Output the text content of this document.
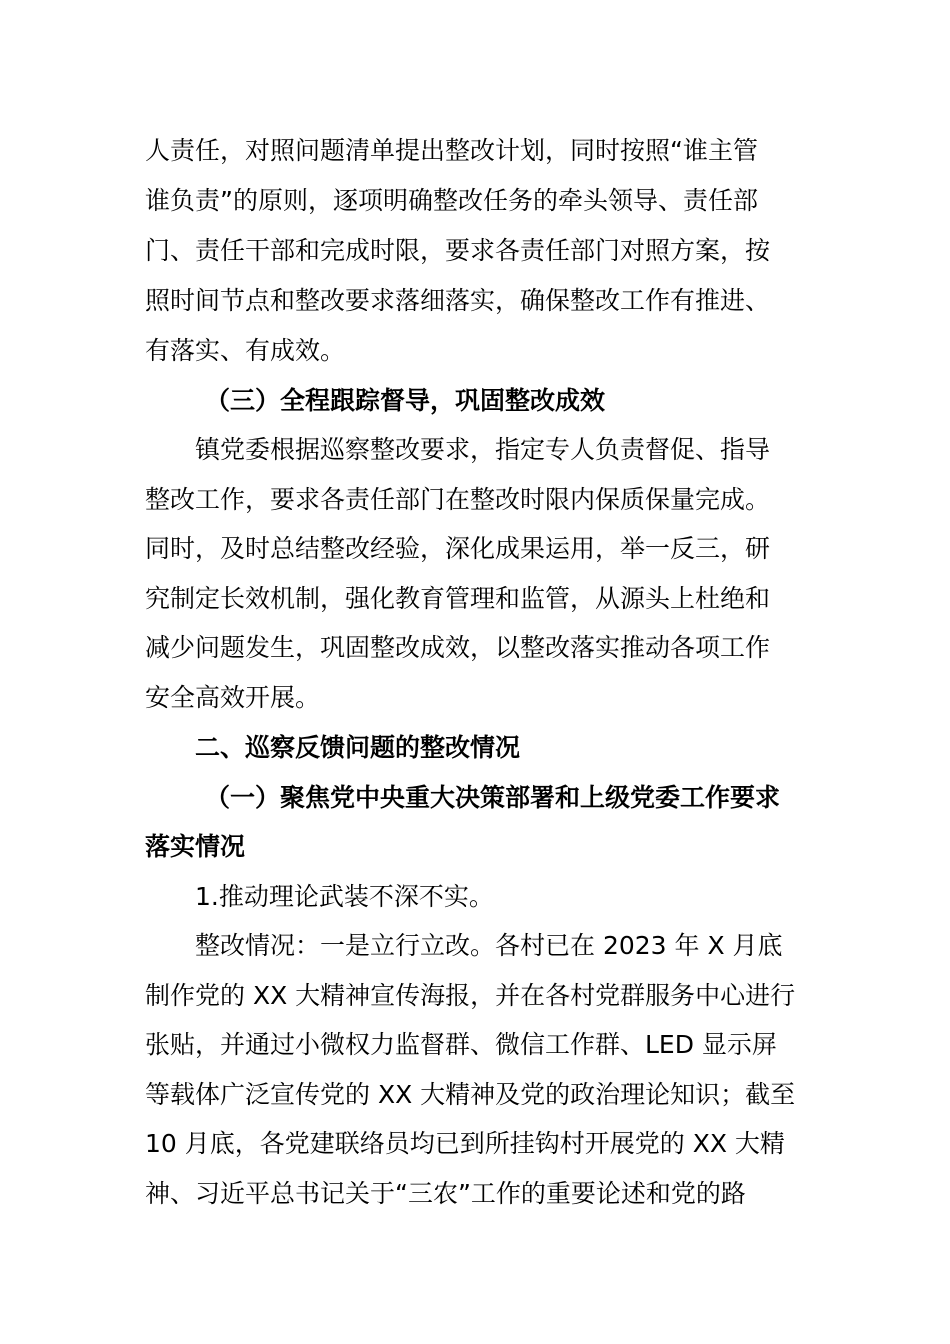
人责任，对照问题清单提出整改计划，同时按照“谁主管
谁负责”的原则，逐项明确整改任务的牵头领导、责任部
门、责任干部和完成时限，要求各责任部门对照方案，按
照时间节点和整改要求落细落实，确保整改工作有推进、
有落实、有成效。
（三）全程跟踪督导，巩固整改成效
镇党委根据巡察整改要求，指定专人负责督促、指导
整改工作，要求各责任部门在整改时限内保质保量完成。
同时，及时总结整改经验，深化成果运用，举一反三，研
究制定长效机制，强化教育管理和监管，从源头上杜绝和
减少问题发生，巩固整改成效，以整改落实推动各项工作
安全高效开展。
二、巡察反馈问题的整改情况
（一）聚焦党中央重大决策部署和上级党委工作要求
落实情况
1.推动理论武装不深不实。
整改情况：一是立行立改。各村已在 2023 年 X 月底
制作党的 XX 大精神宣传海报，并在各村党群服务中心进行
张贴，并通过小微权力监督群、微信工作群、LED 显示屏
等载体广泛宣传党的 XX 大精神及党的政治理论知识；截至
10 月底，各党建联络员均已到所挂钩村开展党的 XX 大精
神、习近平总书记关于“三农”工作的重要论述和党的路
